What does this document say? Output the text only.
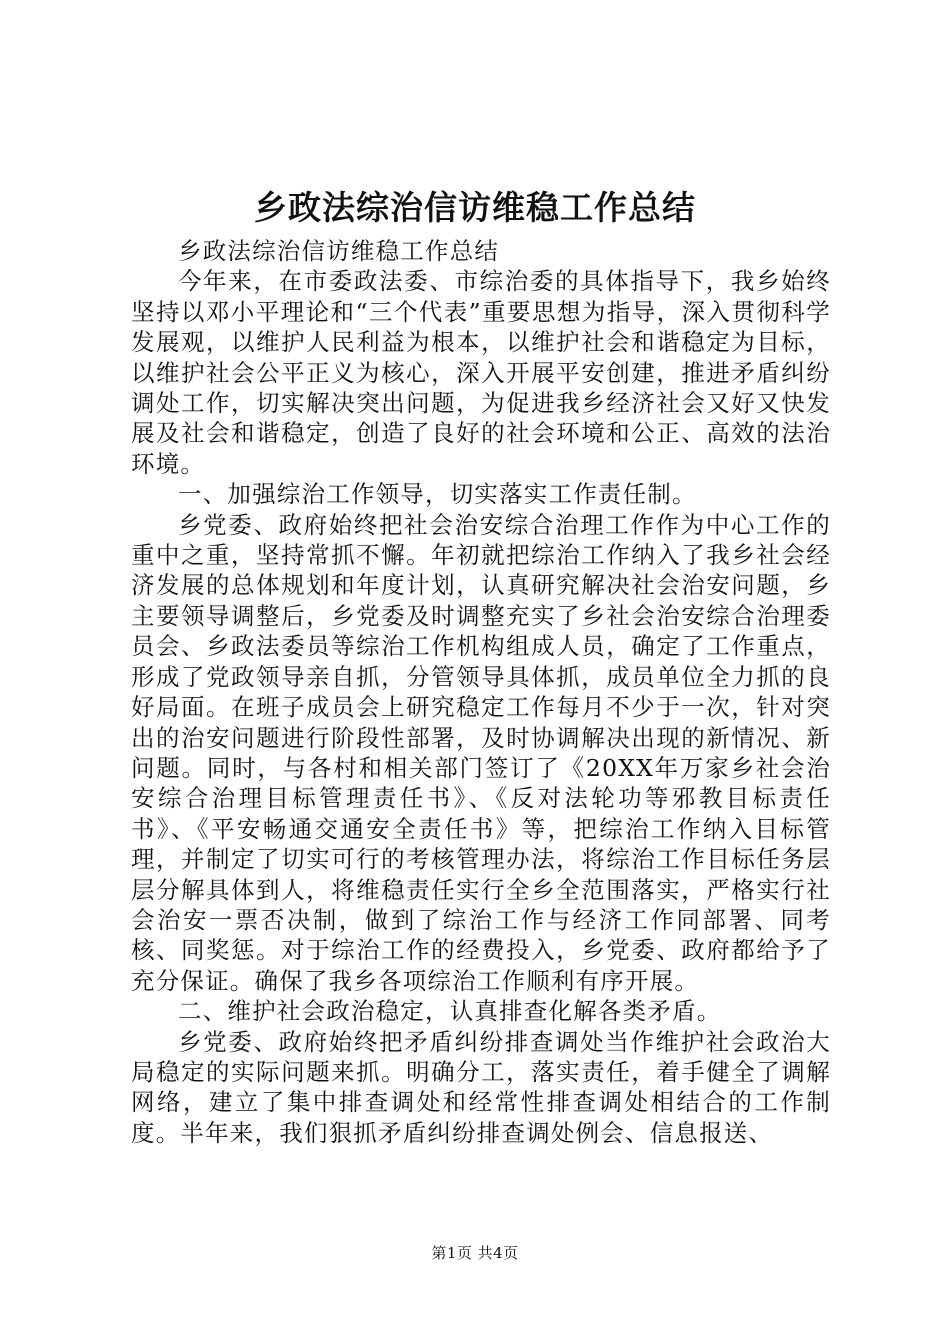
乡政法综治信访维稳工作总结

乡政法综治信访维稳工作总结

今年来，在市委政法委、市综治委的具体指导下，我乡始终坚持以邓小平理论和“三个代表”重要思想为指导，深入贯彻科学发展观，以维护人民利益为根本，以维护社会和谐稳定为目标，以维护社会公平正义为核心，深入开展平安创建，推进矛盾纠纷调处工作，切实解决突出问题，为促进我乡经济社会又好又快发展及社会和谐稳定，创造了良好的社会环境和公正、高效的法治环境。

一、加强综治工作领导，切实落实工作责任制。

乡党委、政府始终把社会治安综合治理工作作为中心工作的重中之重，坚持常抓不懈。年初就把综治工作纳入了我乡社会经济发展的总体规划和年度计划，认真研究解决社会治安问题，乡主要领导调整后，乡党委及时调整充实了乡社会治安综合治理委员会、乡政法委员等综治工作机构组成人员，确定了工作重点，形成了党政领导亲自抓，分管领导具体抓，成员单位全力抓的良好局面。在班子成员会上研究稳定工作每月不少于一次，针对突出的治安问题进行阶段性部署，及时协调解决出现的新情况、新问题。同时，与各村和相关部门签订了《20XX年万家乡社会治安综合治理目标管理责任书》、《反对法轮功等邪教目标责任书》、《平安畅通交通安全责任书》等，把综治工作纳入目标管理，并制定了切实可行的考核管理办法，将综治工作目标任务层层分解具体到人，将维稳责任实行全乡全范围落实，严格实行社会治安一票否决制，做到了综治工作与经济工作同部署、同考核、同奖惩。对于综治工作的经费投入，乡党委、政府都给予了充分保证。确保了我乡各项综治工作顺利有序开展。

二、维护社会政治稳定，认真排查化解各类矛盾。

乡党委、政府始终把矛盾纠纷排查调处当作维护社会政治大局稳定的实际问题来抓。明确分工，落实责任，着手健全了调解网络，建立了集中排查调处和经常性排查调处相结合的工作制度。半年来，我们狠抓矛盾纠纷排查调处例会、信息报送、

第1页 共4页
